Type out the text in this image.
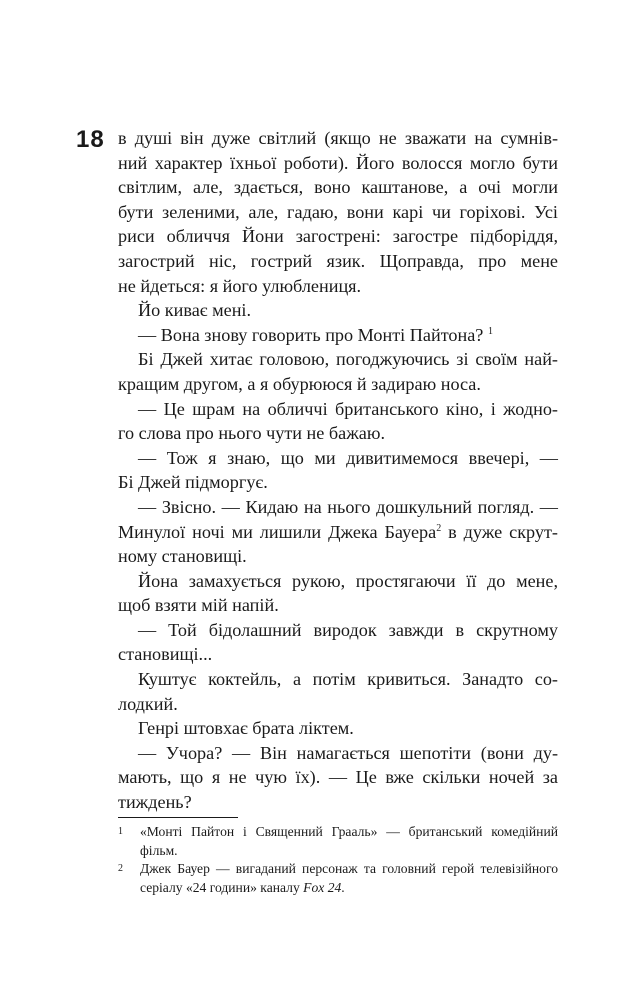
18 в душі він дуже світлий (якщо не зважати на сумнів-
ний характер їхньої роботи). Його волосся могло бути
світлим, але, здається, воно каштанове, а очі могли
бути зеленими, але, гадаю, вони карі чи горіхові. Усі
риси обличчя Йони загострені: загостре підборіддя,
загострий ніс, гострий язик. Щоправда, про мене
не йдеться: я його улюблениця.
Йо киває мені.
— Вона знову говорить про Монті Пайтона? $^1$
Бі Джей хитає головою, погоджуючись зі своїм най-
кращим другом, а я обурююся й задираю носа.
— Це шрам на обличчі британського кіно, і жодно-
го слова про нього чути не бажаю.
— Тож я знаю, що ми дивитимемося ввечері, —
Бі Джей підморгує.
— Звісно. — Кидаю на нього дошкульний погляд. —
Минулої ночі ми лишили Джека Бауера$^2$ в дуже скрут-
ному становищі.
Йона замахується рукою, простягаючи її до мене,
щоб взяти мій напій.
— Той бідолашний виродок завжди в скрутному
становищі...
Куштує коктейль, а потім кривиться. Занадто со-
лодкий.
Генрі штовхає брата ліктем.
— Учора? — Він намагається шепотіти (вони ду-
мають, що я не чую їх). — Це вже скільки ночей за
тиждень?
1 «Монті Пайтон і Священний Грааль» — британський комедійний
фільм.
2 Джек Бауер — вигаданий персонаж та головний герой телевізійного
серіалу «24 години» каналу Fox 24.
